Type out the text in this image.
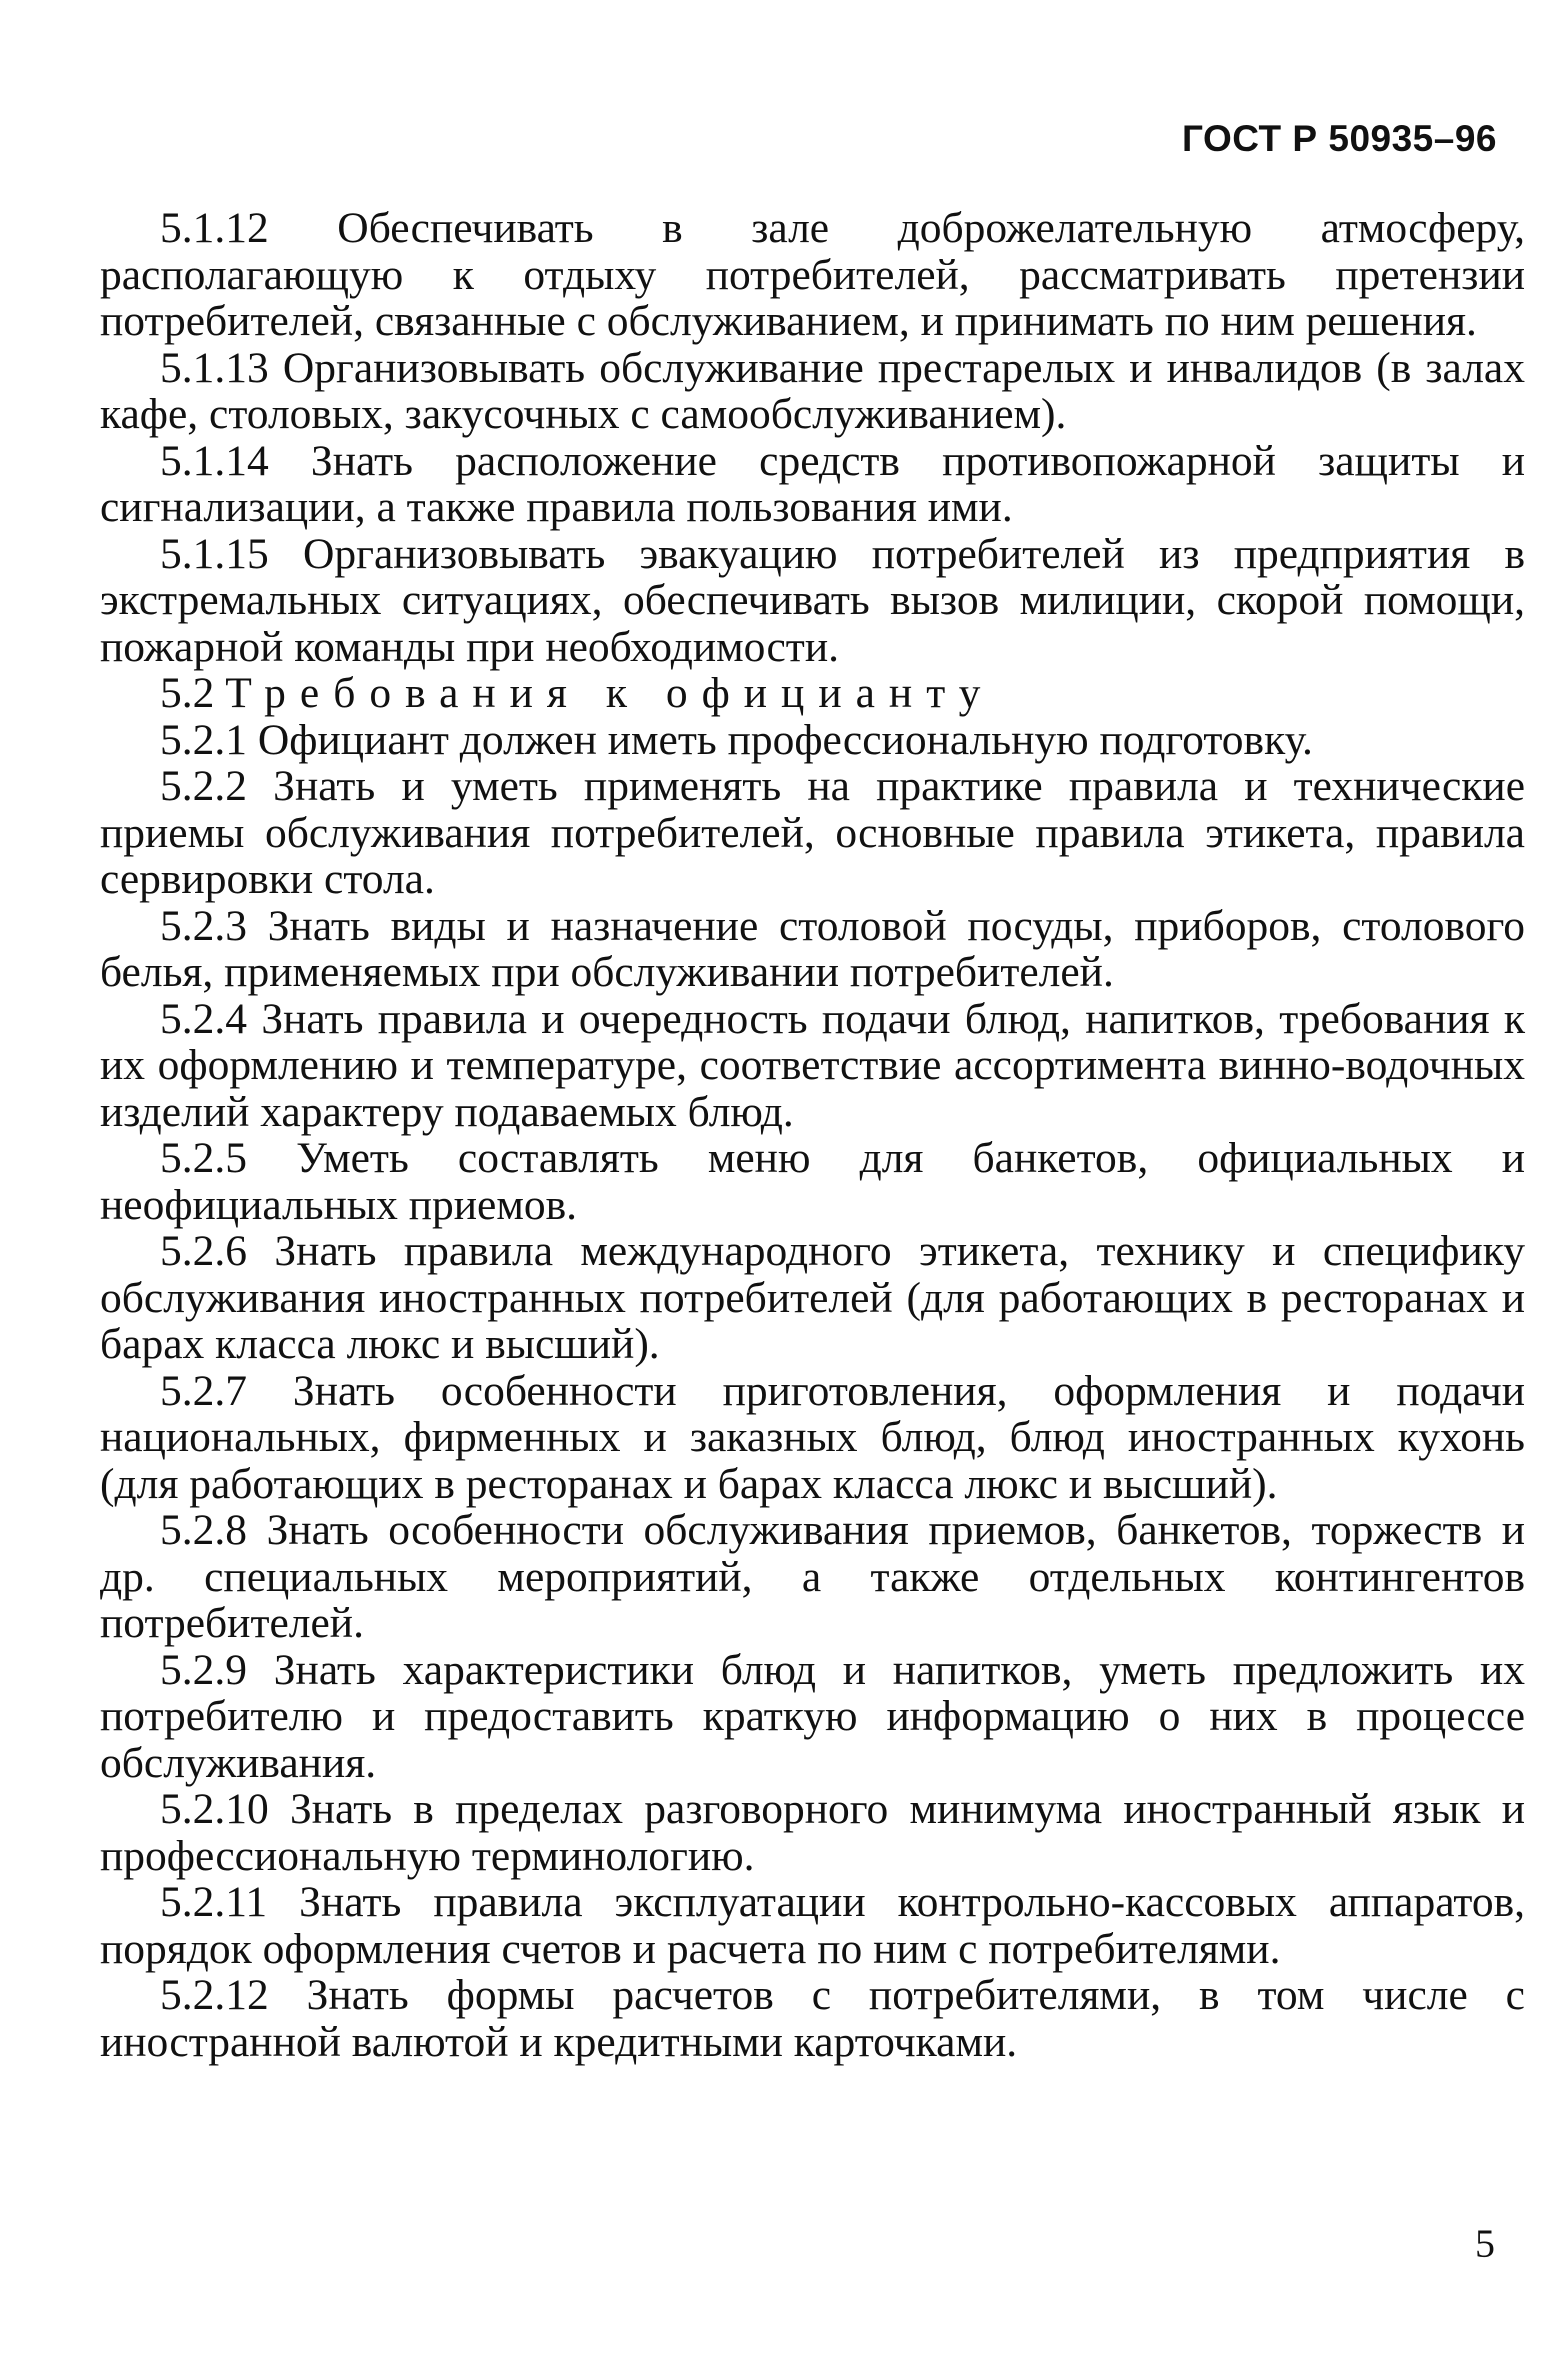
ГОСТ Р 50935–96

5.1.12 Обеспечивать в зале доброжелательную атмосферу, располагающую к отдыху потребителей, рассматривать претензии потребителей, связанные с обслуживанием, и принимать по ним решения.

5.1.13 Организовывать обслуживание престарелых и инвалидов (в залах кафе, столовых, закусочных с самообслуживанием).

5.1.14 Знать расположение средств противопожарной защиты и сигнализации, а также правила пользования ими.

5.1.15 Организовывать эвакуацию потребителей из предприятия в экстремальных ситуациях, обеспечивать вызов милиции, скорой помощи, пожарной команды при необходимости.

5.2 Требования к официанту

5.2.1 Официант должен иметь профессиональную подготовку.

5.2.2 Знать и уметь применять на практике правила и технические приемы обслуживания потребителей, основные правила этикета, правила сервировки стола.

5.2.3 Знать виды и назначение столовой посуды, приборов, столового белья, применяемых при обслуживании потребителей.

5.2.4 Знать правила и очередность подачи блюд, напитков, требования к их оформлению и температуре, соответствие ассортимента винно-водочных изделий характеру подаваемых блюд.

5.2.5 Уметь составлять меню для банкетов, официальных и неофициальных приемов.

5.2.6 Знать правила международного этикета, технику и специфику обслуживания иностранных потребителей (для работающих в ресторанах и барах класса люкс и высший).

5.2.7 Знать особенности приготовления, оформления и подачи национальных, фирменных и заказных блюд, блюд иностранных кухонь (для работающих в ресторанах и барах класса люкс и высший).

5.2.8 Знать особенности обслуживания приемов, банкетов, торжеств и др. специальных мероприятий, а также отдельных контингентов потребителей.

5.2.9 Знать характеристики блюд и напитков, уметь предложить их потребителю и предоставить краткую информацию о них в процессе обслуживания.

5.2.10 Знать в пределах разговорного минимума иностранный язык и профессиональную терминологию.

5.2.11 Знать правила эксплуатации контрольно-кассовых аппаратов, порядок оформления счетов и расчета по ним с потребителями.

5.2.12 Знать формы расчетов с потребителями, в том числе с иностранной валютой и кредитными карточками.

5
